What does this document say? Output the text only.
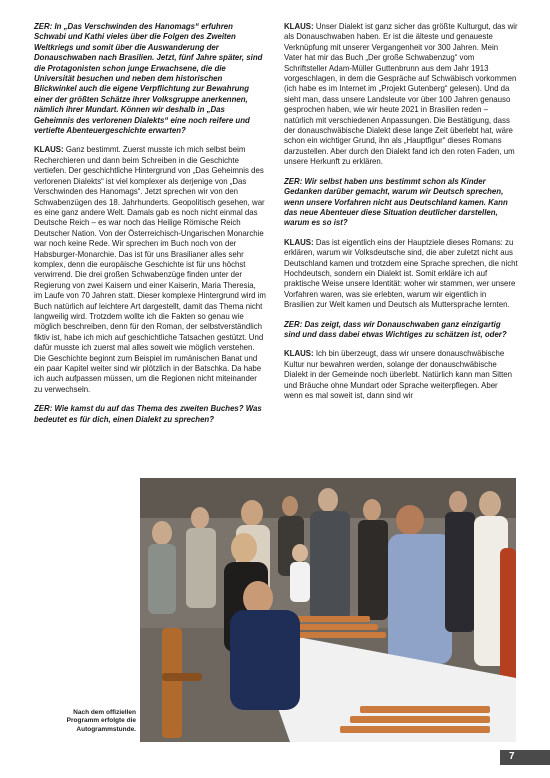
ZER: In „Das Verschwinden des Hanomags“ erfuhren Schwabi und Kathi vieles über die Folgen des Zweiten Weltkriegs und somit über die Auswanderung der Donauschwaben nach Brasilien. Jetzt, fünf Jahre später, sind die Protagonisten schon junge Erwachsene, die die Universität besuchen und neben dem historischen Blickwinkel auch die eigene Verpflichtung zur Bewahrung einer der größten Schätze ihrer Volksgruppe anerkennen, nämlich ihrer Mundart. Können wir deshalb in „Das Geheimnis des verlorenen Dialekts“ eine noch reifere und vertiefte Abenteuergeschichte erwarten?

KLAUS: Ganz bestimmt. Zuerst musste ich mich selbst beim Recherchieren und dann beim Schreiben in die Geschichte vertiefen. Der geschichtliche Hintergrund von „Das Geheimnis des verlorenen Dialekts“ ist viel komplexer als derjenige von „Das Verschwinden des Hanomags“. Jetzt sprechen wir von den Schwabenzügen des 18. Jahrhunderts. Geopolitisch gesehen, war es eine ganz andere Welt. Damals gab es noch nicht einmal das Deutsche Reich – es war noch das Heilige Römische Reich Deutscher Nation. Von der Österreichisch-Ungarischen Monarchie war noch keine Rede. Wir sprechen im Buch noch von der Habsburger-Monarchie. Das ist für uns Brasilianer alles sehr komplex, denn die europäische Geschichte ist für uns höchst verwirrend. Die drei großen Schwabenzüge finden unter der Regierung von zwei Kaisern und einer Kaiserin, Maria Theresia, im Laufe von 70 Jahren statt. Dieser komplexe Hintergrund wird im Buch natürlich auf leichtere Art dargestellt, damit das Thema nicht langweilig wird. Trotzdem wollte ich die Fakten so genau wie möglich beschreiben, denn für den Roman, der selbstverständlich fiktiv ist, habe ich mich auf geschichtliche Tatsachen gestützt. Und dafür musste ich zuerst mal alles soweit wie möglich verstehen. Die Geschichte beginnt zum Beispiel im rumänischen Banat und ein paar Kapitel weiter sind wir plötzlich in der Batschka. Da habe ich auch aufpassen müssen, um die Regionen nicht miteinander zu verwechseln.

ZER: Wie kamst du auf das Thema des zweiten Buches? Was bedeutet es für dich, einen Dialekt zu sprechen?

KLAUS: Unser Dialekt ist ganz sicher das größte Kulturgut, das wir als Donauschwaben haben. Er ist die älteste und genaueste Verknüpfung mit unserer Vergangenheit vor 300 Jahren. Mein Vater hat mir das Buch „Der große Schwabenzug“ vom Schriftsteller Adam-Müller Guttenbrunn aus dem Jahr 1913 vorgeschlagen, in dem die Gespräche auf Schwäbisch vorkommen (ich habe es im Internet im „Projekt Gutenberg“ gelesen). Und da sieht man, dass unsere Landsleute vor über 100 Jahren genauso gesprochen haben, wie wir heute 2021 in Brasilien reden – natürlich mit verschiedenen Anpassungen. Die Bestätigung, dass der donauschwäbische Dialekt diese lange Zeit überlebt hat, wäre schon ein wichtiger Grund, ihn als „Hauptfigur“ dieses Romans darzustellen. Aber durch den Dialekt fand ich den roten Faden, um unsere Herkunft zu erklären.

ZER: Wir selbst haben uns bestimmt schon als Kinder Gedanken darüber gemacht, warum wir Deutsch sprechen, wenn unsere Vorfahren nicht aus Deutschland kamen. Kann das neue Abenteuer diese Situation deutlicher darstellen, warum es so ist?

KLAUS: Das ist eigentlich eins der Hauptziele dieses Romans: zu erklären, warum wir Volksdeutsche sind, die aber zuletzt nicht aus Deutschland kamen und trotzdem eine Sprache sprechen, die nicht Hochdeutsch, sondern ein Dialekt ist. Somit erkläre ich auf praktische Weise unsere Identität: woher wir stammen, wer unsere Vorfahren waren, was sie erlebten, warum wir eigentlich in Brasilien zur Welt kamen und Deutsch als Muttersprache lernten.

ZER: Das zeigt, dass wir Donauschwaben ganz einzigartig sind und dass dabei etwas Wichtiges zu schätzen ist, oder?

KLAUS: Ich bin überzeugt, dass wir unsere donauschwäbische Kultur nur bewahren werden, solange der donauschwäbische Dialekt in der Gemeinde noch überlebt. Natürlich kann man Sitten und Bräuche ohne Mundart oder Sprache weiterpflegen. Aber wenn es mal soweit ist, dann sind wir

Nach dem offiziellen Programm erfolgte die Autogrammstunde.
7
